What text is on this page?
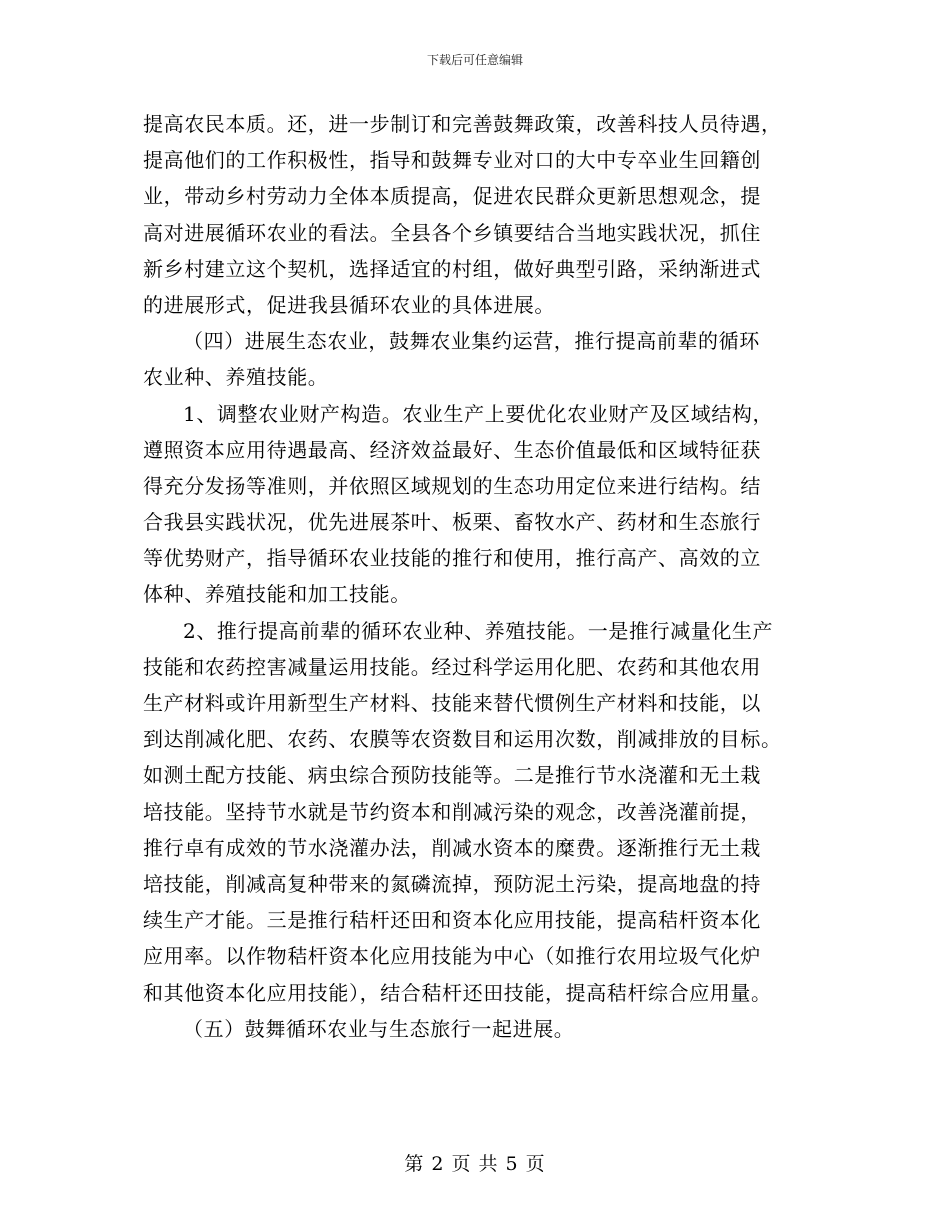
下载后可任意编辑
提高农民本质。还，进一步制订和完善鼓舞政策，改善科技人员待遇，
提高他们的工作积极性，指导和鼓舞专业对口的大中专卒业生回籍创
业，带动乡村劳动力全体本质提高，促进农民群众更新思想观念，提
高对进展循环农业的看法。全县各个乡镇要结合当地实践状况，抓住
新乡村建立这个契机，选择适宜的村组，做好典型引路，采纳渐进式
的进展形式，促进我县循环农业的具体进展。
（四）进展生态农业，鼓舞农业集约运营，推行提高前辈的循环
农业种、养殖技能。
1、调整农业财产构造。农业生产上要优化农业财产及区域结构，
遵照资本应用待遇最高、经济效益最好、生态价值最低和区域特征获
得充分发扬等准则，并依照区域规划的生态功用定位来进行结构。结
合我县实践状况，优先进展茶叶、板栗、畜牧水产、药材和生态旅行
等优势财产，指导循环农业技能的推行和使用，推行高产、高效的立
体种、养殖技能和加工技能。
2、推行提高前辈的循环农业种、养殖技能。一是推行减量化生产
技能和农药控害减量运用技能。经过科学运用化肥、农药和其他农用
生产材料或许用新型生产材料、技能来替代惯例生产材料和技能，以
到达削减化肥、农药、农膜等农资数目和运用次数，削减排放的目标。
如测土配方技能、病虫综合预防技能等。二是推行节水浇灌和无土栽
培技能。坚持节水就是节约资本和削减污染的观念，改善浇灌前提，
推行卓有成效的节水浇灌办法，削减水资本的糜费。逐渐推行无土栽
培技能，削减高复种带来的氮磷流掉，预防泥土污染，提高地盘的持
续生产才能。三是推行秸杆还田和资本化应用技能，提高秸杆资本化
应用率。以作物秸杆资本化应用技能为中心（如推行农用垃圾气化炉
和其他资本化应用技能），结合秸杆还田技能，提高秸杆综合应用量。
（五）鼓舞循环农业与生态旅行一起进展。
第 2 页 共 5 页
